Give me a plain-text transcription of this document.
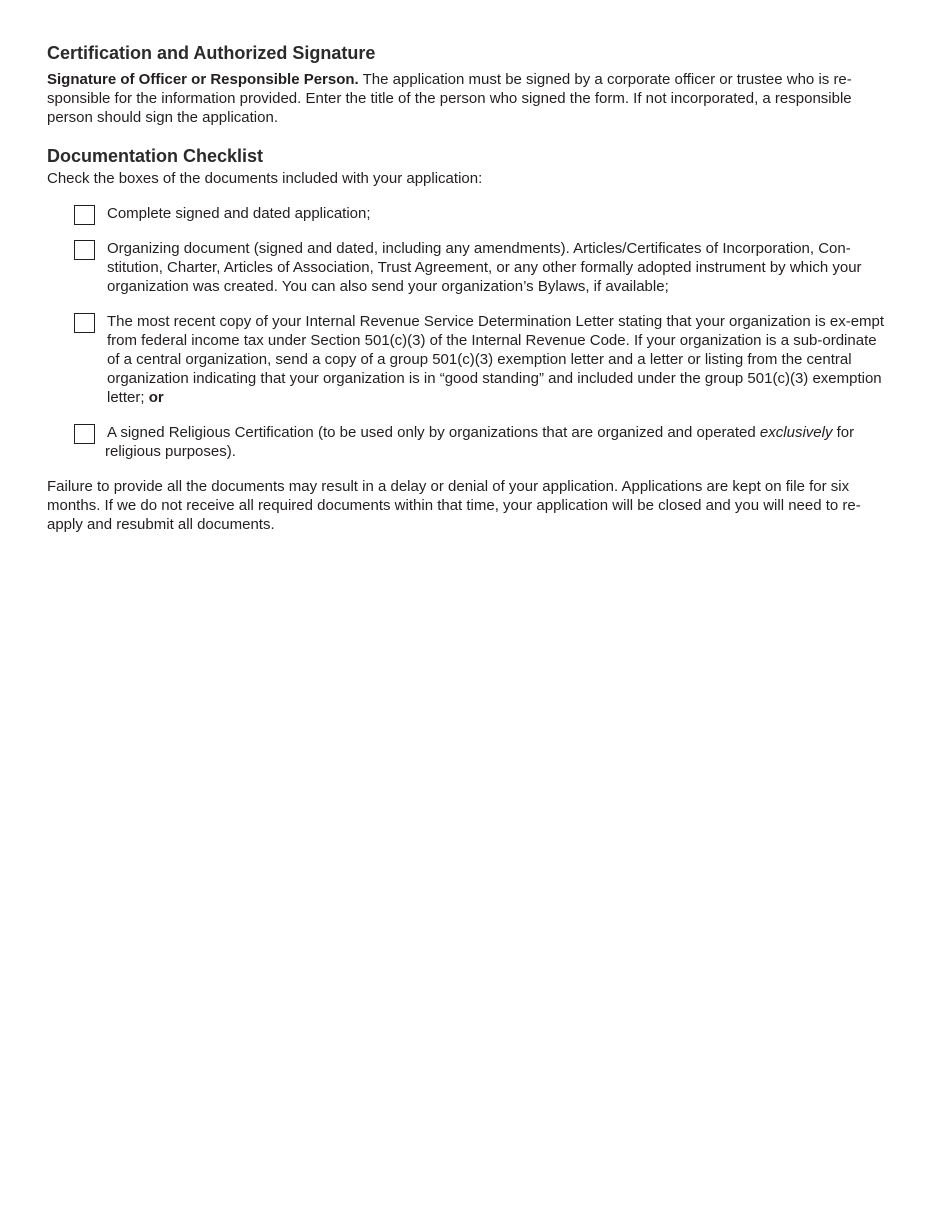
Certification and Authorized Signature

Signature of Officer or Responsible Person. The application must be signed by a corporate officer or trustee who is re-sponsible for the information provided. Enter the title of the person who signed the form. If not incorporated, a responsible person should sign the application.

Documentation Checklist

Check the boxes of the documents included with your application:

Complete signed and dated application;
Organizing document (signed and dated, including any amendments). Articles/Certificates of Incorporation, Con-stitution, Charter, Articles of Association, Trust Agreement, or any other formally adopted instrument by which your organization was created. You can also send your organization’s Bylaws, if available;
The most recent copy of your Internal Revenue Service Determination Letter stating that your organization is ex-empt from federal income tax under Section 501(c)(3) of the Internal Revenue Code. If your organization is a sub-ordinate of a central organization, send a copy of a group 501(c)(3) exemption letter and a letter or listing from the central organization indicating that your organization is in “good standing” and included under the group 501(c)(3) exemption letter; or
A signed Religious Certification (to be used only by organizations that are organized and operated exclusively for religious purposes).

Failure to provide all the documents may result in a delay or denial of your application. Applications are kept on file for six months. If we do not receive all required documents within that time, your application will be closed and you will need to re-apply and resubmit all documents.
